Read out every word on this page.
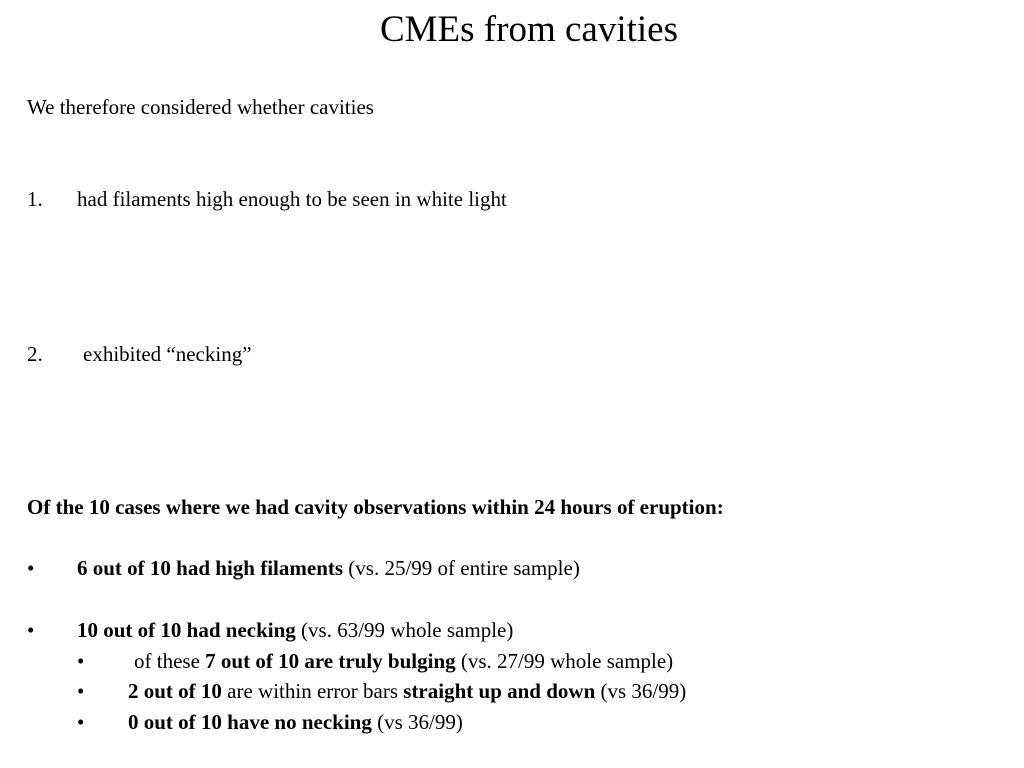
CMEs from cavities
We therefore considered whether cavities
1. had filaments high enough to be seen in white light
2. exhibited “necking”
Of the 10 cases where we had cavity observations within 24 hours of eruption:
• 6 out of 10 had high filaments (vs. 25/99 of entire sample)
• 10 out of 10 had necking (vs. 63/99 whole sample)
• of these 7 out of 10 are truly bulging (vs. 27/99 whole sample)
• 2 out of 10 are within error bars straight up and down (vs 36/99)
• 0 out of 10 have no necking (vs 36/99)
